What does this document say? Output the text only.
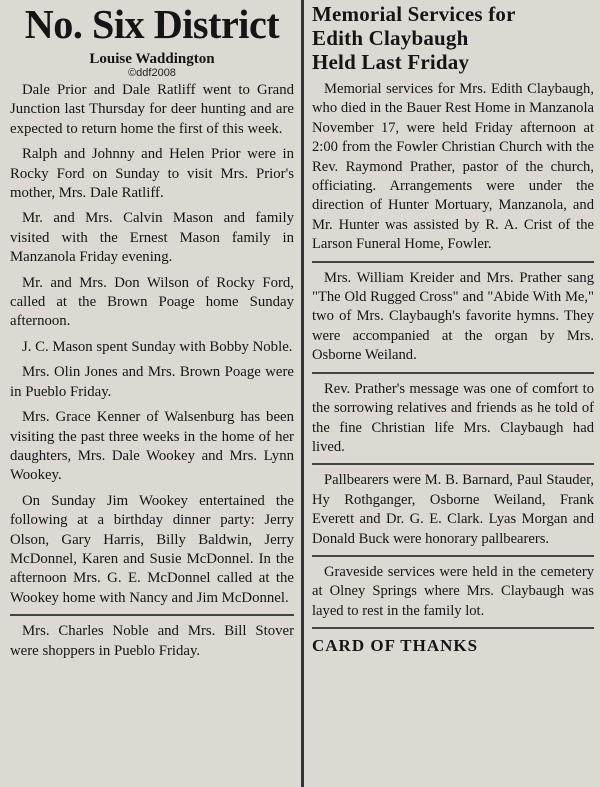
No. Six District
Louise Waddington
©ddf2008

Dale Prior and Dale Ratliff went to Grand Junction last Thursday for deer hunting and are expected to return home the first of this week.

Ralph and Johnny and Helen Prior were in Rocky Ford on Sunday to visit Mrs. Prior's mother, Mrs. Dale Ratliff.

Mr. and Mrs. Calvin Mason and family visited with the Ernest Mason family in Manzanola Friday evening.

Mr. and Mrs. Don Wilson of Rocky Ford, called at the Brown Poage home Sunday afternoon.

J. C. Mason spent Sunday with Bobby Noble.

Mrs. Olin Jones and Mrs. Brown Poage were in Pueblo Friday.

Mrs. Grace Kenner of Walsenburg has been visiting the past three weeks in the home of her daughters, Mrs. Dale Wookey and Mrs. Lynn Wookey.

On Sunday Jim Wookey entertained the following at a birthday dinner party: Jerry Olson, Gary Harris, Billy Baldwin, Jerry McDonnel, Karen and Susie McDonnel. In the afternoon Mrs. G. E. McDonnel called at the Wookey home with Nancy and Jim McDonnel.

Mrs. Charles Noble and Mrs. Bill Stover were shoppers in Pueblo Friday.

Memorial Services for
Edith Claybaugh
Held Last Friday

Memorial services for Mrs. Edith Claybaugh, who died in the Bauer Rest Home in Manzanola November 17, were held Friday afternoon at 2:00 from the Fowler Christian Church with the Rev. Raymond Prather, pastor of the church, officiating. Arrangements were under the direction of Hunter Mortuary, Manzanola, and Mr. Hunter was assisted by R. A. Crist of the Larson Funeral Home, Fowler.

Mrs. William Kreider and Mrs. Prather sang "The Old Rugged Cross" and "Abide With Me," two of Mrs. Claybaugh's favorite hymns. They were accompanied at the organ by Mrs. Osborne Weiland.

Rev. Prather's message was one of comfort to the sorrowing relatives and friends as he told of the fine Christian life Mrs. Claybaugh had lived.

Pallbearers were M. B. Barnard, Paul Stauder, Hy Rothganger, Osborne Weiland, Frank Everett and Dr. G. E. Clark. Lyas Morgan and Donald Buck were honorary pallbearers.

Graveside services were held in the cemetery at Olney Springs where Mrs. Claybaugh was layed to rest in the family lot.

CARD OF THANKS
